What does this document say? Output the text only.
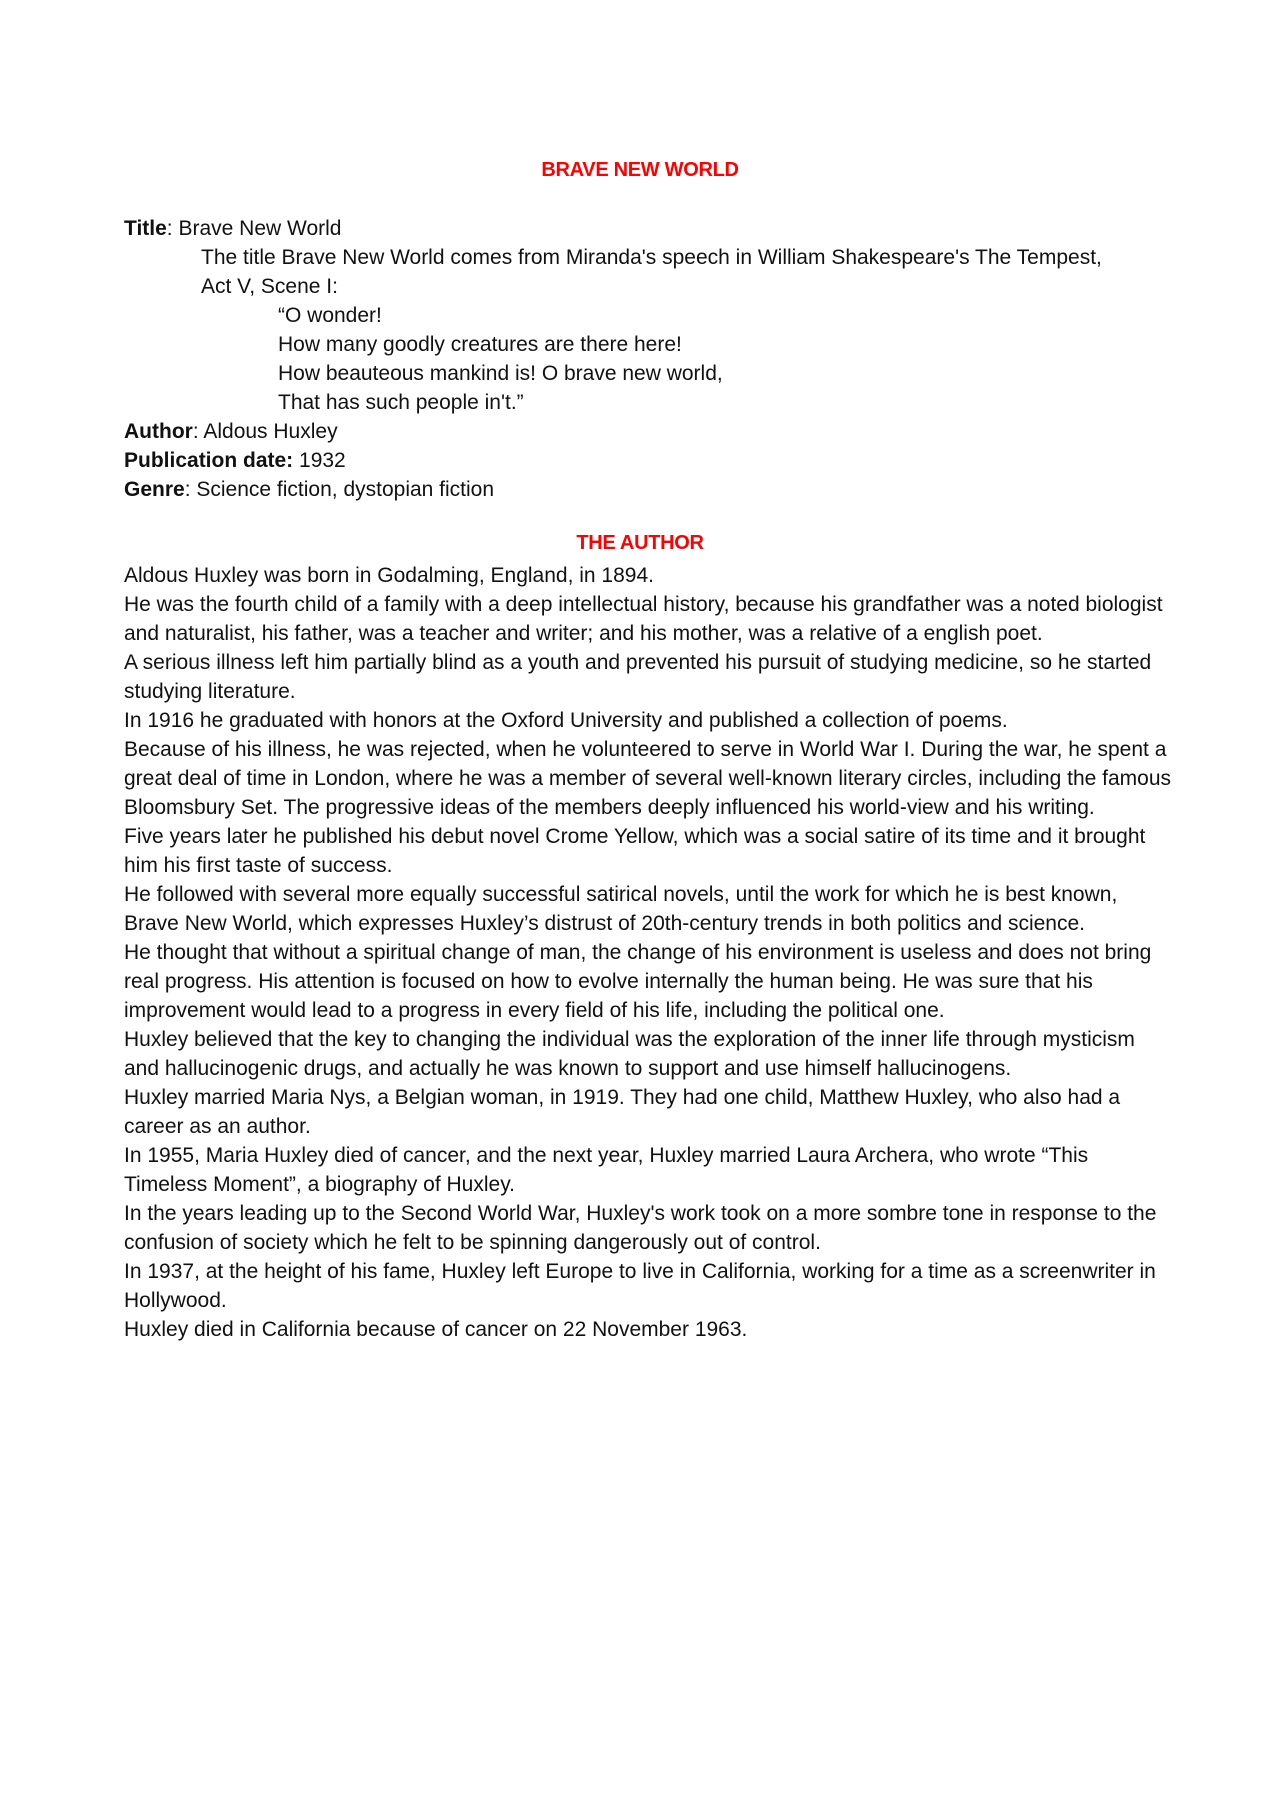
BRAVE NEW WORLD
Title: Brave New World
The title Brave New World comes from Miranda's speech in William Shakespeare's The Tempest, Act V, Scene I:
“O wonder!
How many goodly creatures are there here!
How beauteous mankind is! O brave new world,
That has such people in't.”
Author: Aldous Huxley
Publication date: 1932
Genre: Science fiction, dystopian fiction
THE AUTHOR

Aldous Huxley was born in Godalming, England, in 1894.

He was the fourth child of a family with a deep intellectual history, because his grandfather was a noted biologist and naturalist, his father, was a teacher and writer; and his mother, was a relative of a english poet.

A serious illness left him partially blind as a youth and prevented his pursuit of studying medicine, so he started studying literature.

In 1916 he graduated with honors at the Oxford University and published a collection of poems.

Because of his illness, he was rejected, when he volunteered to serve in World War I. During the war, he spent a great deal of time in London, where he was a member of several well-known literary circles, including the famous Bloomsbury Set. The progressive ideas of the members deeply influenced his world-view and his writing.

Five years later he published his debut novel Crome Yellow, which was a social satire of its time and it brought him his first taste of success.

He followed with several more equally successful satirical novels, until the work for which he is best known, Brave New World, which expresses Huxley’s distrust of 20th-century trends in both politics and science.

He thought that without a spiritual change of man, the change of his environment is useless and does not bring real progress. His attention is focused on how to evolve internally the human being. He was sure that his improvement would lead to a progress in every field of his life, including the political one.

Huxley believed that the key to changing the individual was the exploration of the inner life through mysticism and hallucinogenic drugs, and actually he was known to support and use himself hallucinogens.

Huxley married Maria Nys, a Belgian woman, in 1919. They had one child, Matthew Huxley, who also had a career as an author.

In 1955, Maria Huxley died of cancer, and the next year, Huxley married Laura Archera, who wrote “This Timeless Moment”, a biography of Huxley.

In the years leading up to the Second World War, Huxley's work took on a more sombre tone in response to the confusion of society which he felt to be spinning dangerously out of control.

In 1937, at the height of his fame, Huxley left Europe to live in California, working for a time as a screenwriter in Hollywood.

Huxley died in California because of cancer on 22 November 1963.
